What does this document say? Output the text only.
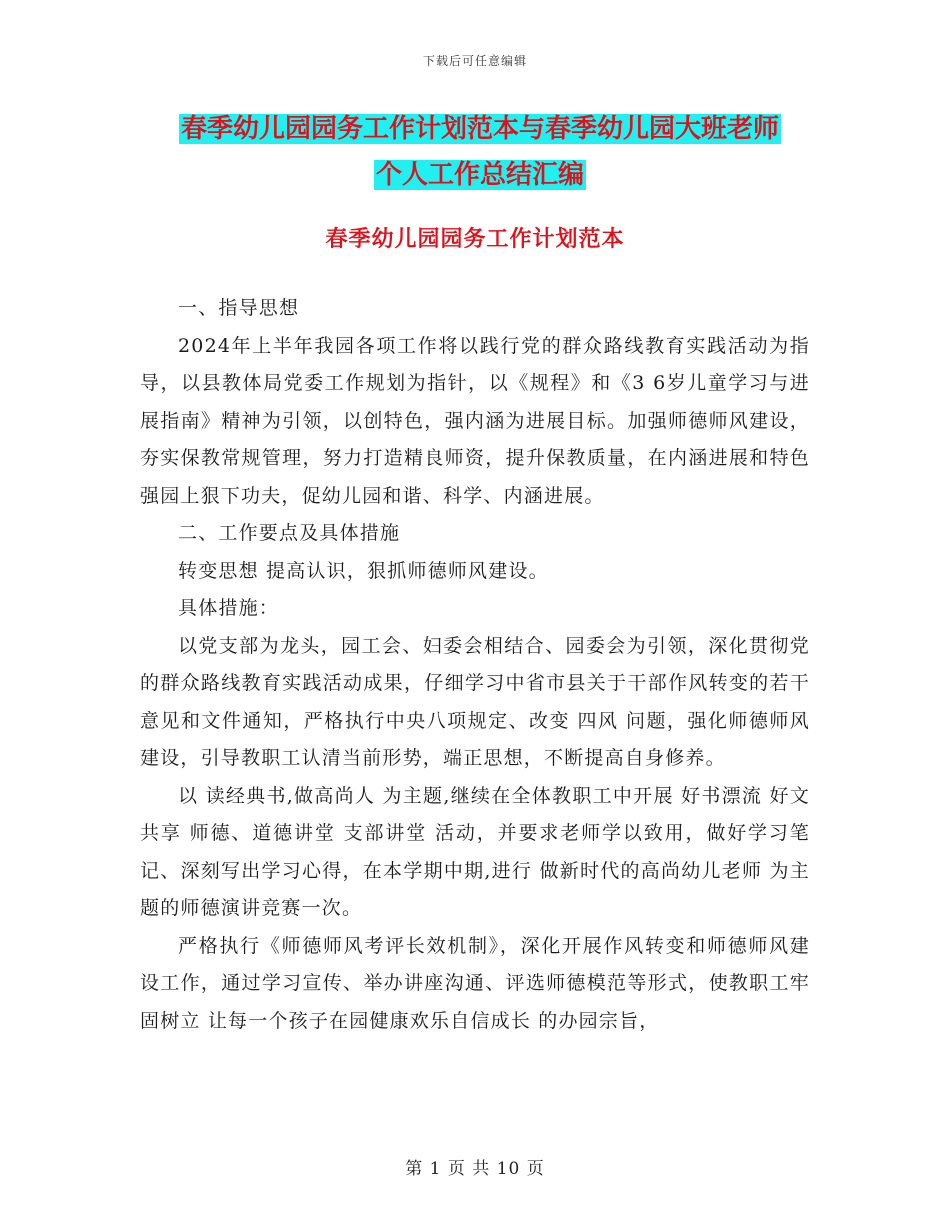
下载后可任意编辑
春季幼儿园园务工作计划范本与春季幼儿园大班老师
个人工作总结汇编
春季幼儿园园务工作计划范本

一、指导思想

2024年上半年我园各项工作将以践行党的群众路线教育实践活动为指导，以县教体局党委工作规划为指针，以《规程》和《3 6岁儿童学习与进展指南》精神为引领，以创特色，强内涵为进展目标。加强师德师风建设，夯实保教常规管理，努力打造精良师资，提升保教质量，在内涵进展和特色强园上狠下功夫，促幼儿园和谐、科学、内涵进展。

二、工作要点及具体措施

转变思想 提高认识，狠抓师德师风建设。

具体措施：

以党支部为龙头，园工会、妇委会相结合、园委会为引领，深化贯彻党的群众路线教育实践活动成果，仔细学习中省市县关于干部作风转变的若干意见和文件通知，严格执行中央八项规定、改变 四风 问题，强化师德师风建设，引导教职工认清当前形势，端正思想，不断提高自身修养。

以 读经典书,做高尚人 为主题,继续在全体教职工中开展 好书漂流 好文共享 师德、道德讲堂 支部讲堂 活动，并要求老师学以致用，做好学习笔记、深刻写出学习心得，在本学期中期,进行 做新时代的高尚幼儿老师 为主题的师德演讲竞赛一次。

严格执行《师德师风考评长效机制》，深化开展作风转变和师德师风建设工作，通过学习宣传、举办讲座沟通、评选师德模范等形式，使教职工牢固树立 让每一个孩子在园健康欢乐自信成长 的办园宗旨，

第 1 页 共 10 页
